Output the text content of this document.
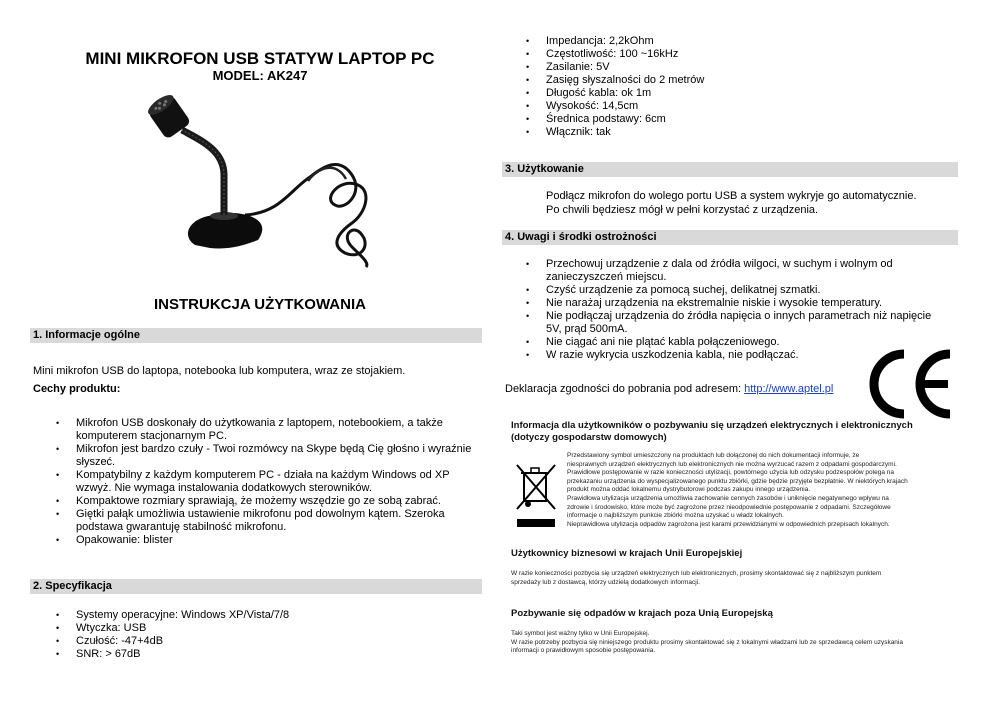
MINI MIKROFON USB STATYW LAPTOP PC
MODEL: AK247
INSTRUKCJA UŻYTKOWANIA
1. Informacje ogólne
Mini mikrofon USB do laptopa, notebooka lub komputera, wraz ze stojakiem.
Cechy produktu:
• Mikrofon USB doskonały do użytkowania z laptopem, notebookiem, a także komputerem stacjonarnym PC.
• Mikrofon jest bardzo czuły - Twoi rozmówcy na Skype będą Cię głośno i wyraźnie słyszeć.
• Kompatybilny z każdym komputerem PC - działa na każdym Windows od XP wzwyż. Nie wymaga instalowania dodatkowych sterowników.
• Kompaktowe rozmiary sprawiają, że możemy wszędzie go ze sobą zabrać.
• Giętki pałąk umożliwia ustawienie mikrofonu pod dowolnym kątem. Szeroka podstawa gwarantuję stabilność mikrofonu.
• Opakowanie: blister
2. Specyfikacja
• Systemy operacyjne: Windows XP/Vista/7/8
• Wtyczka: USB
• Czułość: -47+4dB
• SNR: > 67dB
• Impedancja: 2,2kOhm
• Częstotliwość: 100 ~16kHz
• Zasilanie: 5V
• Zasięg słyszalności do 2 metrów
• Długość kabla: ok 1m
• Wysokość: 14,5cm
• Średnica podstawy: 6cm
• Włącznik: tak
3. Użytkowanie
Podłącz mikrofon do wolego portu USB a system wykryje go automatycznie.
Po chwili będziesz mógł w pełni korzystać z urządzenia.
4. Uwagi i środki ostrożności
• Przechowuj urządzenie z dala od źródła wilgoci, w suchym i wolnym od zanieczyszczeń miejscu.
• Czyść urządzenie za pomocą suchej, delikatnej szmatki.
• Nie narażaj urządzenia na ekstremalnie niskie i wysokie temperatury.
• Nie podłączaj urządzenia do źródła napięcia o innych parametrach niż napięcie 5V, prąd 500mA.
• Nie ciągać ani nie plątać kabla połączeniowego.
• W razie wykrycia uszkodzenia kabla, nie podłączać.
Deklaracja zgodności do pobrania pod adresem: http://www.aptel.pl
Informacja dla użytkowników o pozbywaniu się urządzeń elektrycznych i elektronicznych
(dotyczy gospodarstw domowych)
Przedstawiony symbol umieszczony na produktach lub dołączonej do nich dokumentacji informuje, że
niesprawnych urządzeń elektrycznych lub elektronicznych nie można wyrzucać razem z odpadami gospodarczymi.
Prawidłowe postępowanie w razie konieczności utylizacji, powtórnego użycia lub odzysku podzespołów polega na
przekazaniu urządzenia do wyspecjalizowanego punktu zbiórki, gdzie będzie przyjęte bezpłatnie. W niektórych krajach
produkt można oddać lokalnemu dystrybutorowi podczas zakupu innego urządzenia.
Prawidłowa utylizacja urządzenia umożliwia zachowanie cennych zasobów i uniknięcie negatywnego wpływu na
zdrowie i środowisko, które może być zagrożone przez nieodpowiednie postępowanie z odpadami. Szczegółowe
informacje o najbliższym punkcie zbiórki można uzyskać u władz lokalnych.
Nieprawidłowa utylizacja odpadów zagrożona jest karami przewidzianymi w odpowiednich przepisach lokalnych.
Użytkownicy biznesowi w krajach Unii Europejskiej
W razie konieczności pozbycia się urządzeń elektrycznych lub elektronicznych, prosimy skontaktować się z najbliższym punktem
sprzedaży lub z dostawcą, którzy udzielą dodatkowych informacji.
Pozbywanie się odpadów w krajach poza Unią Europejską
Taki symbol jest ważny tylko w Unii Europejskej.
W razie potrzeby pozbycia się niniejszego produktu prosimy skontaktować się z lokalnymi władzami lub ze sprzedawcą celem uzyskania
informacji o prawidłowym sposobie postępowania.
